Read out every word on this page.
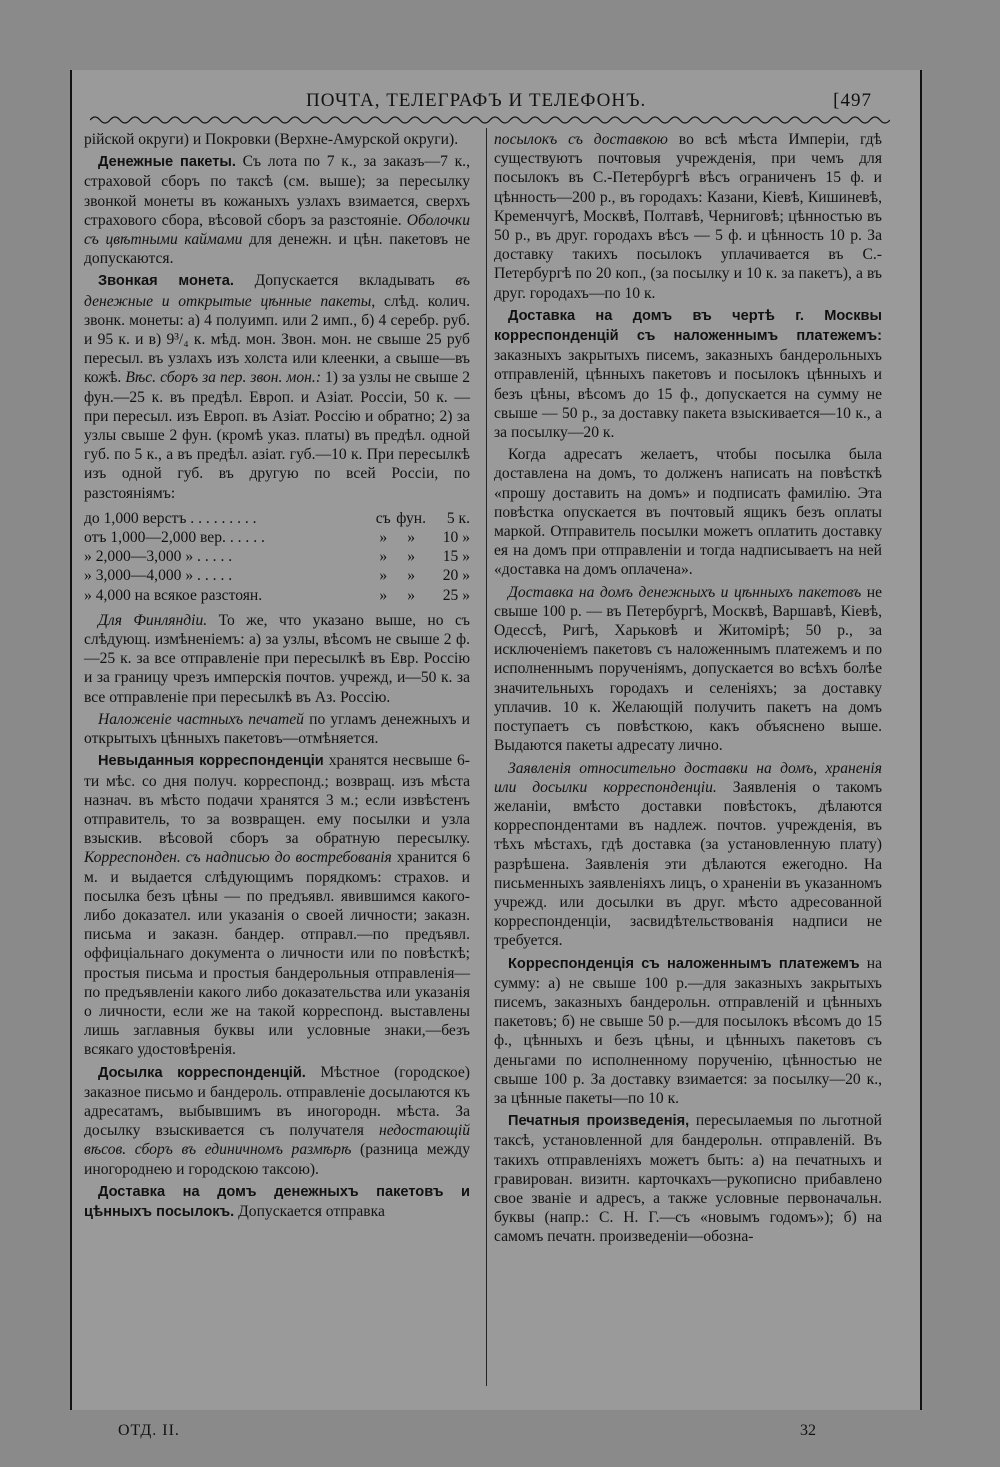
ПОЧТА, ТЕЛЕГРАФЪ И ТЕЛЕФОНЪ.	[497

рійской округи) и Покровки (Верхне-Амурской округи).

Денежные пакеты. Съ лота по 7 к., за заказъ—7 к., страховой сборъ по таксѣ (см. выше); за пересылку звонкой монеты въ кожаныхъ узлахъ взимается, сверхъ страхового сбора, вѣсовой сборъ за разстояніе. Оболочки съ цвѣтными каймами для денежн. и цѣн. пакетовъ не допускаются.

Звонкая монета. Допускается вкладывать въ денежные и открытые цѣнные пакеты, слѣд. колич. звонк. монеты: а) 4 полуимп. или 2 имп., б) 4 серебр. руб. и 95 к. и в) 9³/₄ к. мѣд. мон. Звон. мон. не свыше 25 руб пересыл. въ узлахъ изъ холста или клеенки, а свыше—въ кожѣ. Вѣс. сборъ за пер. звон. мон.: 1) за узлы не свыше 2 фун.—25 к. въ предѣл. Европ. и Азіат. Россіи, 50 к. — при пересыл. изъ Европ. въ Азіат. Россію и обратно; 2) за узлы свыше 2 фун. (кромѣ указ. платы) въ предѣл. одной губ. по 5 к., а въ предѣл. азіат. губ.—10 к. При пересылкѣ изъ одной губ. въ другую по всей Россіи, по разстояніямъ:

до 1,000 верстъ . . . . . . . . .	съ	фун.	5 к.
отъ 1,000—2,000 вер. . . . . .	»	»	10 »
» 2,000—3,000 » . . . . .	»	»	15 »
» 3,000—4,000 » . . . . .	»	»	20 »
» 4,000 на всякое разстоян.	»	»	25 »

Для Финляндіи. То же, что указано выше, но съ слѣдующ. измѣненіемъ: а) за узлы, вѣсомъ не свыше 2 ф.—25 к. за все отправленіе при пересылкѣ въ Евр. Россію и за границу чрезъ имперскія почтов. учрежд, и—50 к. за все отправленіе при пересылкѣ въ Аз. Россію.

Наложеніе частныхъ печатей по угламъ денежныхъ и открытыхъ цѣнныхъ пакетовъ—отмѣняется.

Невыданныя корреспонденціи хранятся несвыше 6-ти мѣс. со дня получ. корреспонд.; возвращ. изъ мѣста назнач. въ мѣсто подачи хранятся 3 м.; если извѣстенъ отправитель, то за возвращен. ему посылки и узла взыскив. вѣсовой сборъ за обратную пересылку. Корреспонден. съ надписью до востребованія хранится 6 м. и выдается слѣдующимъ порядкомъ: страхов. и посылка безъ цѣны — по предъявл. явившимся какого-либо доказател. или указанія о своей личности; заказн. письма и заказн. бандер. отправл.—по предъявл. оффиціальнаго документа о личности или по повѣсткѣ; простыя письма и простыя бандерольныя отправленія—по предъявленіи какого либо доказательства или указанія о личности, если же на такой корреспонд. выставлены лишь заглавныя буквы или условные знаки,—безъ всякаго удостовѣренія.

Досылка корреспонденцій. Мѣстное (городское) заказное письмо и бандероль. отправленіе досылаются къ адресатамъ, выбывшимъ въ иногородн. мѣста. За досылку взыскивается съ получателя недостающій вѣсов. сборъ въ единичномъ размѣрѣ (разница между иногороднею и городскою таксою).

Доставка на домъ денежныхъ пакетовъ и цѣнныхъ посылокъ. Допускается отправка

посылокъ съ доставкою во всѣ мѣста Имперіи, гдѣ существуютъ почтовыя учрежденія, при чемъ для посылокъ въ С.-Петербургѣ вѣсъ ограниченъ 15 ф. и цѣнность—200 р., въ городахъ: Казани, Кіевѣ, Кишиневѣ, Кременчугѣ, Москвѣ, Полтавѣ, Черниговѣ; цѣнностью въ 50 р., въ друг. городахъ вѣсъ — 5 ф. и цѣнность 10 р. За доставку такихъ посылокъ уплачивается въ С.-Петербургѣ по 20 коп., (за посылку и 10 к. за пакетъ), а въ друг. городахъ—по 10 к.

Доставка на домъ въ чертѣ г. Москвы корреспонденцій съ наложеннымъ платежемъ: заказныхъ закрытыхъ писемъ, заказныхъ бандерольныхъ отправленій, цѣнныхъ пакетовъ и посылокъ цѣнныхъ и безъ цѣны, вѣсомъ до 15 ф., допускается на сумму не свыше — 50 р., за доставку пакета взыскивается—10 к., а за посылку—20 к.

Когда адресатъ желаетъ, чтобы посылка была доставлена на домъ, то долженъ написать на повѣсткѣ «прошу доставить на домъ» и подписать фамилію. Эта повѣстка опускается въ почтовый ящикъ безъ оплаты маркой. Отправитель посылки можетъ оплатить доставку ея на домъ при отправленіи и тогда надписываетъ на ней «доставка на домъ оплачена».

Доставка на домъ денежныхъ и цѣнныхъ пакетовъ не свыше 100 р. — въ Петербургѣ, Москвѣ, Варшавѣ, Кіевѣ, Одессѣ, Ригѣ, Харьковѣ и Житомірѣ; 50 р., за исключеніемъ пакетовъ съ наложеннымъ платежемъ и по исполненнымъ порученіямъ, допускается во всѣхъ болѣе значительныхъ городахъ и селеніяхъ; за доставку уплачив. 10 к. Желающій получить пакетъ на домъ поступаетъ съ повѣсткою, какъ объяснено выше. Выдаются пакеты адресату лично.

Заявленія относительно доставки на домъ, храненія или досылки корреспонденціи. Заявленія о такомъ желаніи, вмѣсто доставки повѣстокъ, дѣлаются корреспондентами въ надлеж. почтов. учрежденія, въ тѣхъ мѣстахъ, гдѣ доставка (за установленную плату) разрѣшена. Заявленія эти дѣлаются ежегодно. На письменныхъ заявленіяхъ лицъ, о храненіи въ указанномъ учрежд. или досылки въ друг. мѣсто адресованной корреспонденціи, засвидѣтельствованія надписи не требуется.

Корреспонденція съ наложеннымъ платежемъ на сумму: а) не свыше 100 р.—для заказныхъ закрытыхъ писемъ, заказныхъ бандерольн. отправленій и цѣнныхъ пакетовъ; б) не свыше 50 р.—для посылокъ вѣсомъ до 15 ф., цѣнныхъ и безъ цѣны, и цѣнныхъ пакетовъ съ деньгами по исполненному порученію, цѣнностью не свыше 100 р. За доставку взимается: за посылку—20 к., за цѣнные пакеты—по 10 к.

Печатныя произведенія, пересылаемыя по льготной таксѣ, установленной для бандерольн. отправленій. Въ такихъ отправленіяхъ можетъ быть: а) на печатныхъ и гравирован. визитн. карточкахъ—рукописно прибавлено свое званіе и адресъ, а также условные первоначальн. буквы (напр.: С. Н. Г.—съ «новымъ годомъ»); б) на самомъ печатн. произведеніи—обозна-

ОТД. II.	32
